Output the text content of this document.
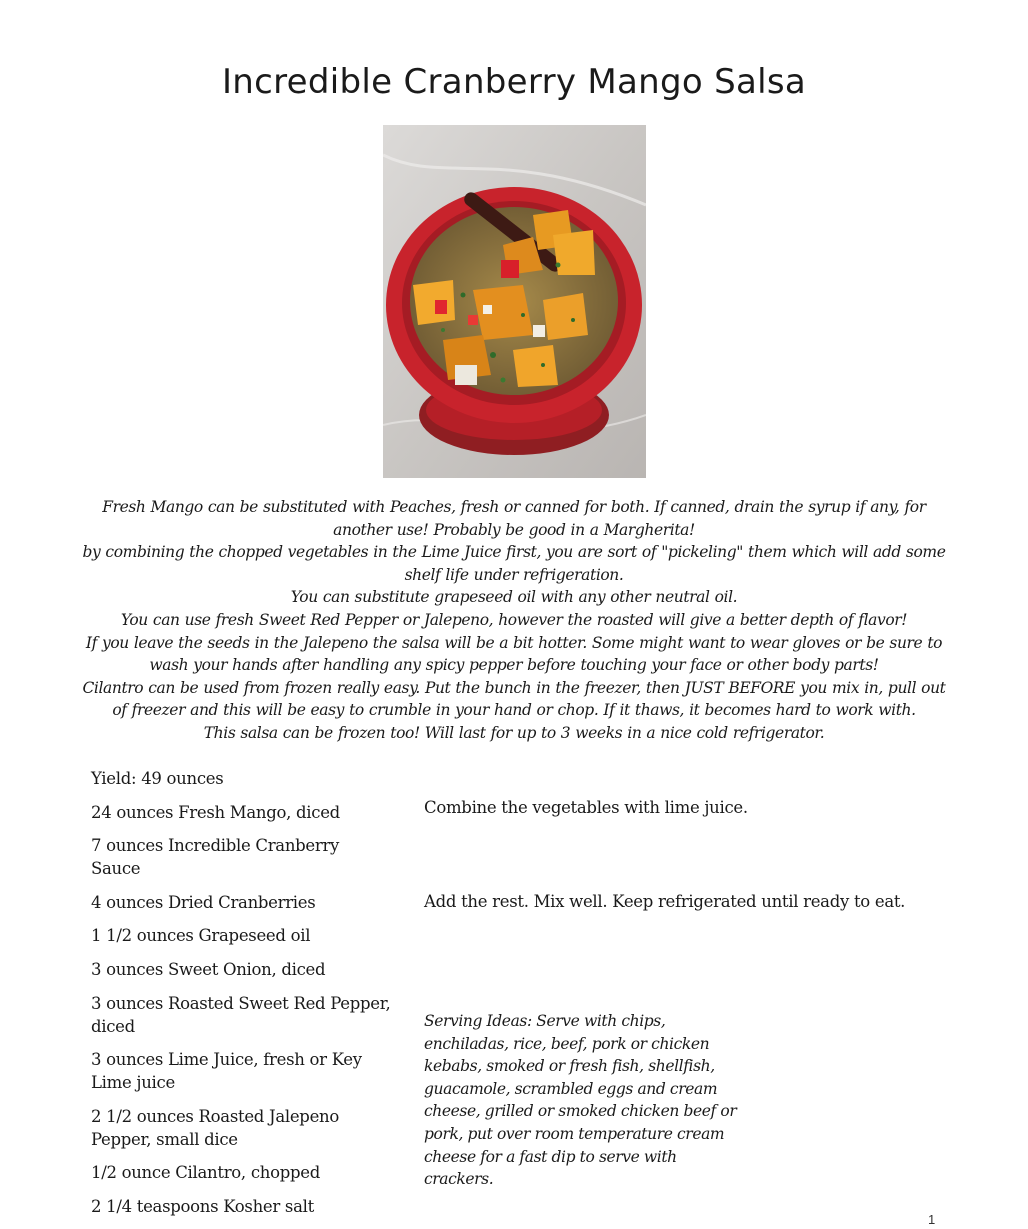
Incredible Cranberry Mango Salsa

Fresh Mango can be substituted with Peaches, fresh or canned for both. If canned, drain the syrup if any, for another use! Probably be good in a Margherita!

by combining the chopped vegetables in the Lime Juice first, you are sort of "pickeling" them which will add some shelf life under refrigeration.

You can substitute grapeseed oil with any other neutral oil.

You can use fresh Sweet Red Pepper or Jalepeno, however the roasted will give a better depth of flavor!

If you leave the seeds in the Jalepeno the salsa will be a bit hotter. Some might want to wear gloves or be sure to wash your hands after handling any spicy pepper before touching your face or other body parts!

Cilantro can be used from frozen really easy. Put the bunch in the freezer, then JUST BEFORE you mix in, pull out of freezer and this will be easy to crumble in your hand or chop. If it thaws, it becomes hard to work with.

This salsa can be frozen too! Will last for up to 3 weeks in a nice cold refrigerator.

Yield: 49 ounces

24 ounces Fresh Mango, diced

7 ounces Incredible Cranberry Sauce

4 ounces Dried Cranberries

1 1/2 ounces Grapeseed oil

3 ounces Sweet Onion, diced

3 ounces Roasted Sweet Red Pepper, diced

3 ounces Lime Juice, fresh or Key Lime juice

2 1/2 ounces Roasted Jalepeno Pepper, small dice

1/2 ounce Cilantro, chopped

2 1/4 teaspoons Kosher salt

Combine the vegetables with lime juice.

Add the rest. Mix well. Keep refrigerated until ready to eat.

Serving Ideas: Serve with chips, enchiladas, rice, beef, pork or chicken kebabs, smoked or fresh fish, shellfish, guacamole, scrambled eggs and cream cheese, grilled or smoked chicken beef or pork, put over room temperature cream cheese for a fast dip to serve with crackers.

1
